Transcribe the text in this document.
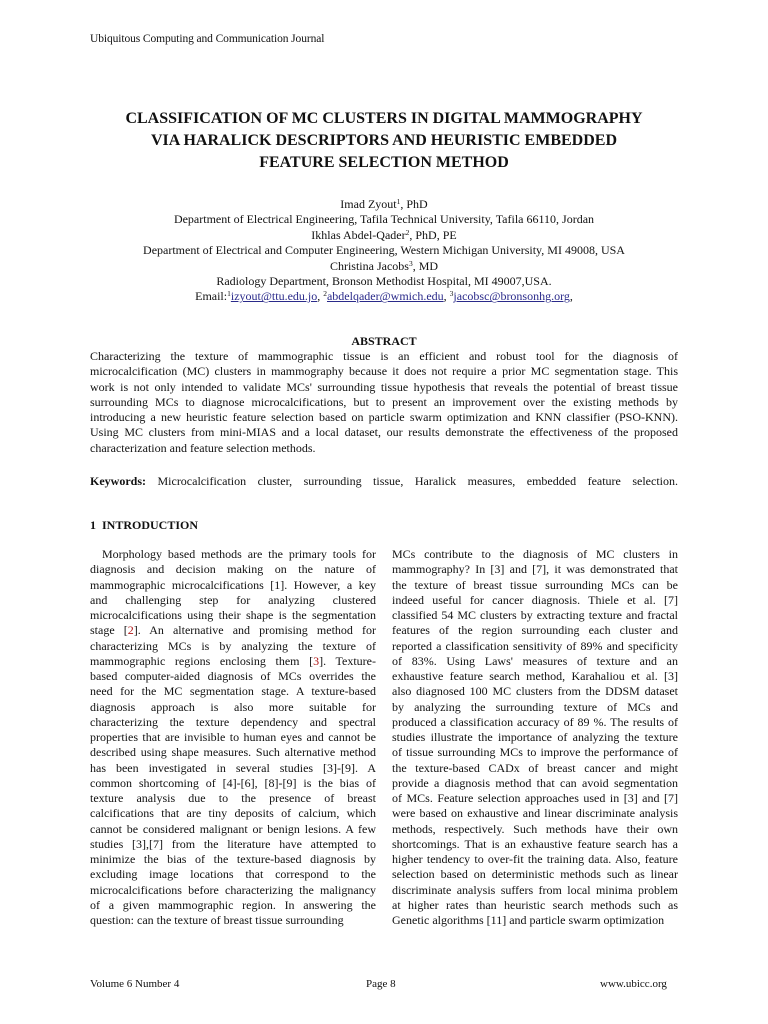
Ubiquitous Computing and Communication Journal
CLASSIFICATION OF MC CLUSTERS IN DIGITAL MAMMOGRAPHY
VIA HARALICK DESCRIPTORS AND HEURISTIC EMBEDDED
FEATURE SELECTION METHOD
Imad Zyout$^1$, PhD
Department of Electrical Engineering, Tafila Technical University, Tafila 66110, Jordan
Ikhlas Abdel-Qader$^2$, PhD, PE
Department of Electrical and Computer Engineering, Western Michigan University, MI 49008, USA
Christina Jacobs$^3$, MD
Radiology Department, Bronson Methodist Hospital, MI 49007,USA.
Email:$^1$izyout@ttu.edu.jo, $^2$abdelqader@wmich.edu, $^3$jacobsc@bronsonhg.org,
ABSTRACT
Characterizing the texture of mammographic tissue is an efficient and robust tool for the diagnosis of
microcalcification (MC) clusters in mammography because it does not require a prior MC segmentation stage. This
work is not only intended to validate MCs' surrounding tissue hypothesis that reveals the potential of breast tissue
surrounding MCs to diagnose microcalcifications, but to present an improvement over the existing methods by
introducing a new heuristic feature selection based on particle swarm optimization and KNN classifier (PSO-KNN).
Using MC clusters from mini-MIAS and a local dataset, our results demonstrate the effectiveness of the proposed
characterization and feature selection methods.
Keywords: Microcalcification cluster, surrounding tissue, Haralick measures, embedded feature selection.
1 INTRODUCTION
Morphology based methods are the primary tools for
diagnosis and decision making on the nature of
mammographic microcalcifications [1]. However, a key
and challenging step for analyzing clustered
microcalcifications using their shape is the segmentation
stage [2]. An alternative and promising method for
characterizing MCs is by analyzing the texture of
mammographic regions enclosing them [3]. Texture-
based computer-aided diagnosis of MCs overrides the
need for the MC segmentation stage. A texture-based
diagnosis approach is also more suitable for
characterizing the texture dependency and spectral
properties that are invisible to human eyes and cannot be
described using shape measures. Such alternative method
has been investigated in several studies [3]-[9]. A
common shortcoming of [4]-[6], [8]-[9] is the bias of
texture analysis due to the presence of breast
calcifications that are tiny deposits of calcium, which
cannot be considered malignant or benign lesions. A few
studies [3],[7] from the literature have attempted to
minimize the bias of the texture-based diagnosis by
excluding image locations that correspond to the
microcalcifications before characterizing the malignancy
of a given mammographic region. In answering the
question: can the texture of breast tissue surrounding
MCs contribute to the diagnosis of MC clusters in
mammography? In [3] and [7], it was demonstrated that
the texture of breast tissue surrounding MCs can be
indeed useful for cancer diagnosis. Thiele et al. [7]
classified 54 MC clusters by extracting texture and fractal
features of the region surrounding each cluster and
reported a classification sensitivity of 89% and specificity
of 83%. Using Laws' measures of texture and an
exhaustive feature search method, Karahaliou et al. [3]
also diagnosed 100 MC clusters from the DDSM dataset
by analyzing the surrounding texture of MCs and
produced a classification accuracy of 89 %. The results of
studies illustrate the importance of analyzing the texture
of tissue surrounding MCs to improve the performance of
the texture-based CADx of breast cancer and might
provide a diagnosis method that can avoid segmentation
of MCs. Feature selection approaches used in [3] and [7]
were based on exhaustive and linear discriminate analysis
methods, respectively. Such methods have their own
shortcomings. That is an exhaustive feature search has a
higher tendency to over-fit the training data. Also, feature
selection based on deterministic methods such as linear
discriminate analysis suffers from local minima problem
at higher rates than heuristic search methods such as
Genetic algorithms [11] and particle swarm optimization
Volume 6 Number 4	Page 8	www.ubicc.org
